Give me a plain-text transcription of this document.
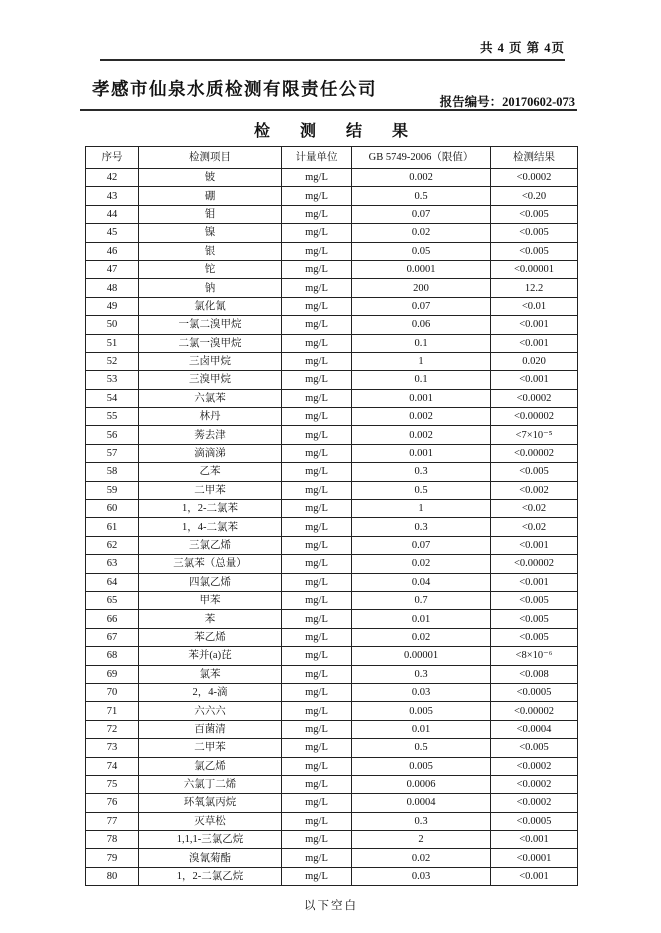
共 4 页 第 4页
孝感市仙泉水质检测有限责任公司
报告编号：20170602-073
检 测 结 果
序号	检测项目	计量单位	GB 5749-2006（限值）	检测结果
42	铍	mg/L	0.002	<0.0002
43	硼	mg/L	0.5	<0.20
44	钼	mg/L	0.07	<0.005
45	镍	mg/L	0.02	<0.005
46	银	mg/L	0.05	<0.005
47	铊	mg/L	0.0001	<0.00001
48	钠	mg/L	200	12.2
49	氯化氰	mg/L	0.07	<0.01
50	一氯二溴甲烷	mg/L	0.06	<0.001
51	二氯一溴甲烷	mg/L	0.1	<0.001
52	三卤甲烷	mg/L	1	0.020
53	三溴甲烷	mg/L	0.1	<0.001
54	六氯苯	mg/L	0.001	<0.0002
55	林丹	mg/L	0.002	<0.00002
56	莠去津	mg/L	0.002	<7×10⁻⁵
57	滴滴涕	mg/L	0.001	<0.00002
58	乙苯	mg/L	0.3	<0.005
59	二甲苯	mg/L	0.5	<0.002
60	1，2-二氯苯	mg/L	1	<0.02
61	1，4-二氯苯	mg/L	0.3	<0.02
62	三氯乙烯	mg/L	0.07	<0.001
63	三氯苯（总量）	mg/L	0.02	<0.00002
64	四氯乙烯	mg/L	0.04	<0.001
65	甲苯	mg/L	0.7	<0.005
66	苯	mg/L	0.01	<0.005
67	苯乙烯	mg/L	0.02	<0.005
68	苯并(a)芘	mg/L	0.00001	<8×10⁻⁶
69	氯苯	mg/L	0.3	<0.008
70	2，4-滴	mg/L	0.03	<0.0005
71	六六六	mg/L	0.005	<0.00002
72	百菌清	mg/L	0.01	<0.0004
73	二甲苯	mg/L	0.5	<0.005
74	氯乙烯	mg/L	0.005	<0.0002
75	六氯丁二烯	mg/L	0.0006	<0.0002
76	环氧氯丙烷	mg/L	0.0004	<0.0002
77	灭草松	mg/L	0.3	<0.0005
78	1,1,1-三氯乙烷	mg/L	2	<0.001
79	溴氰菊酯	mg/L	0.02	<0.0001
80	1，2-二氯乙烷	mg/L	0.03	<0.001
以下空白
